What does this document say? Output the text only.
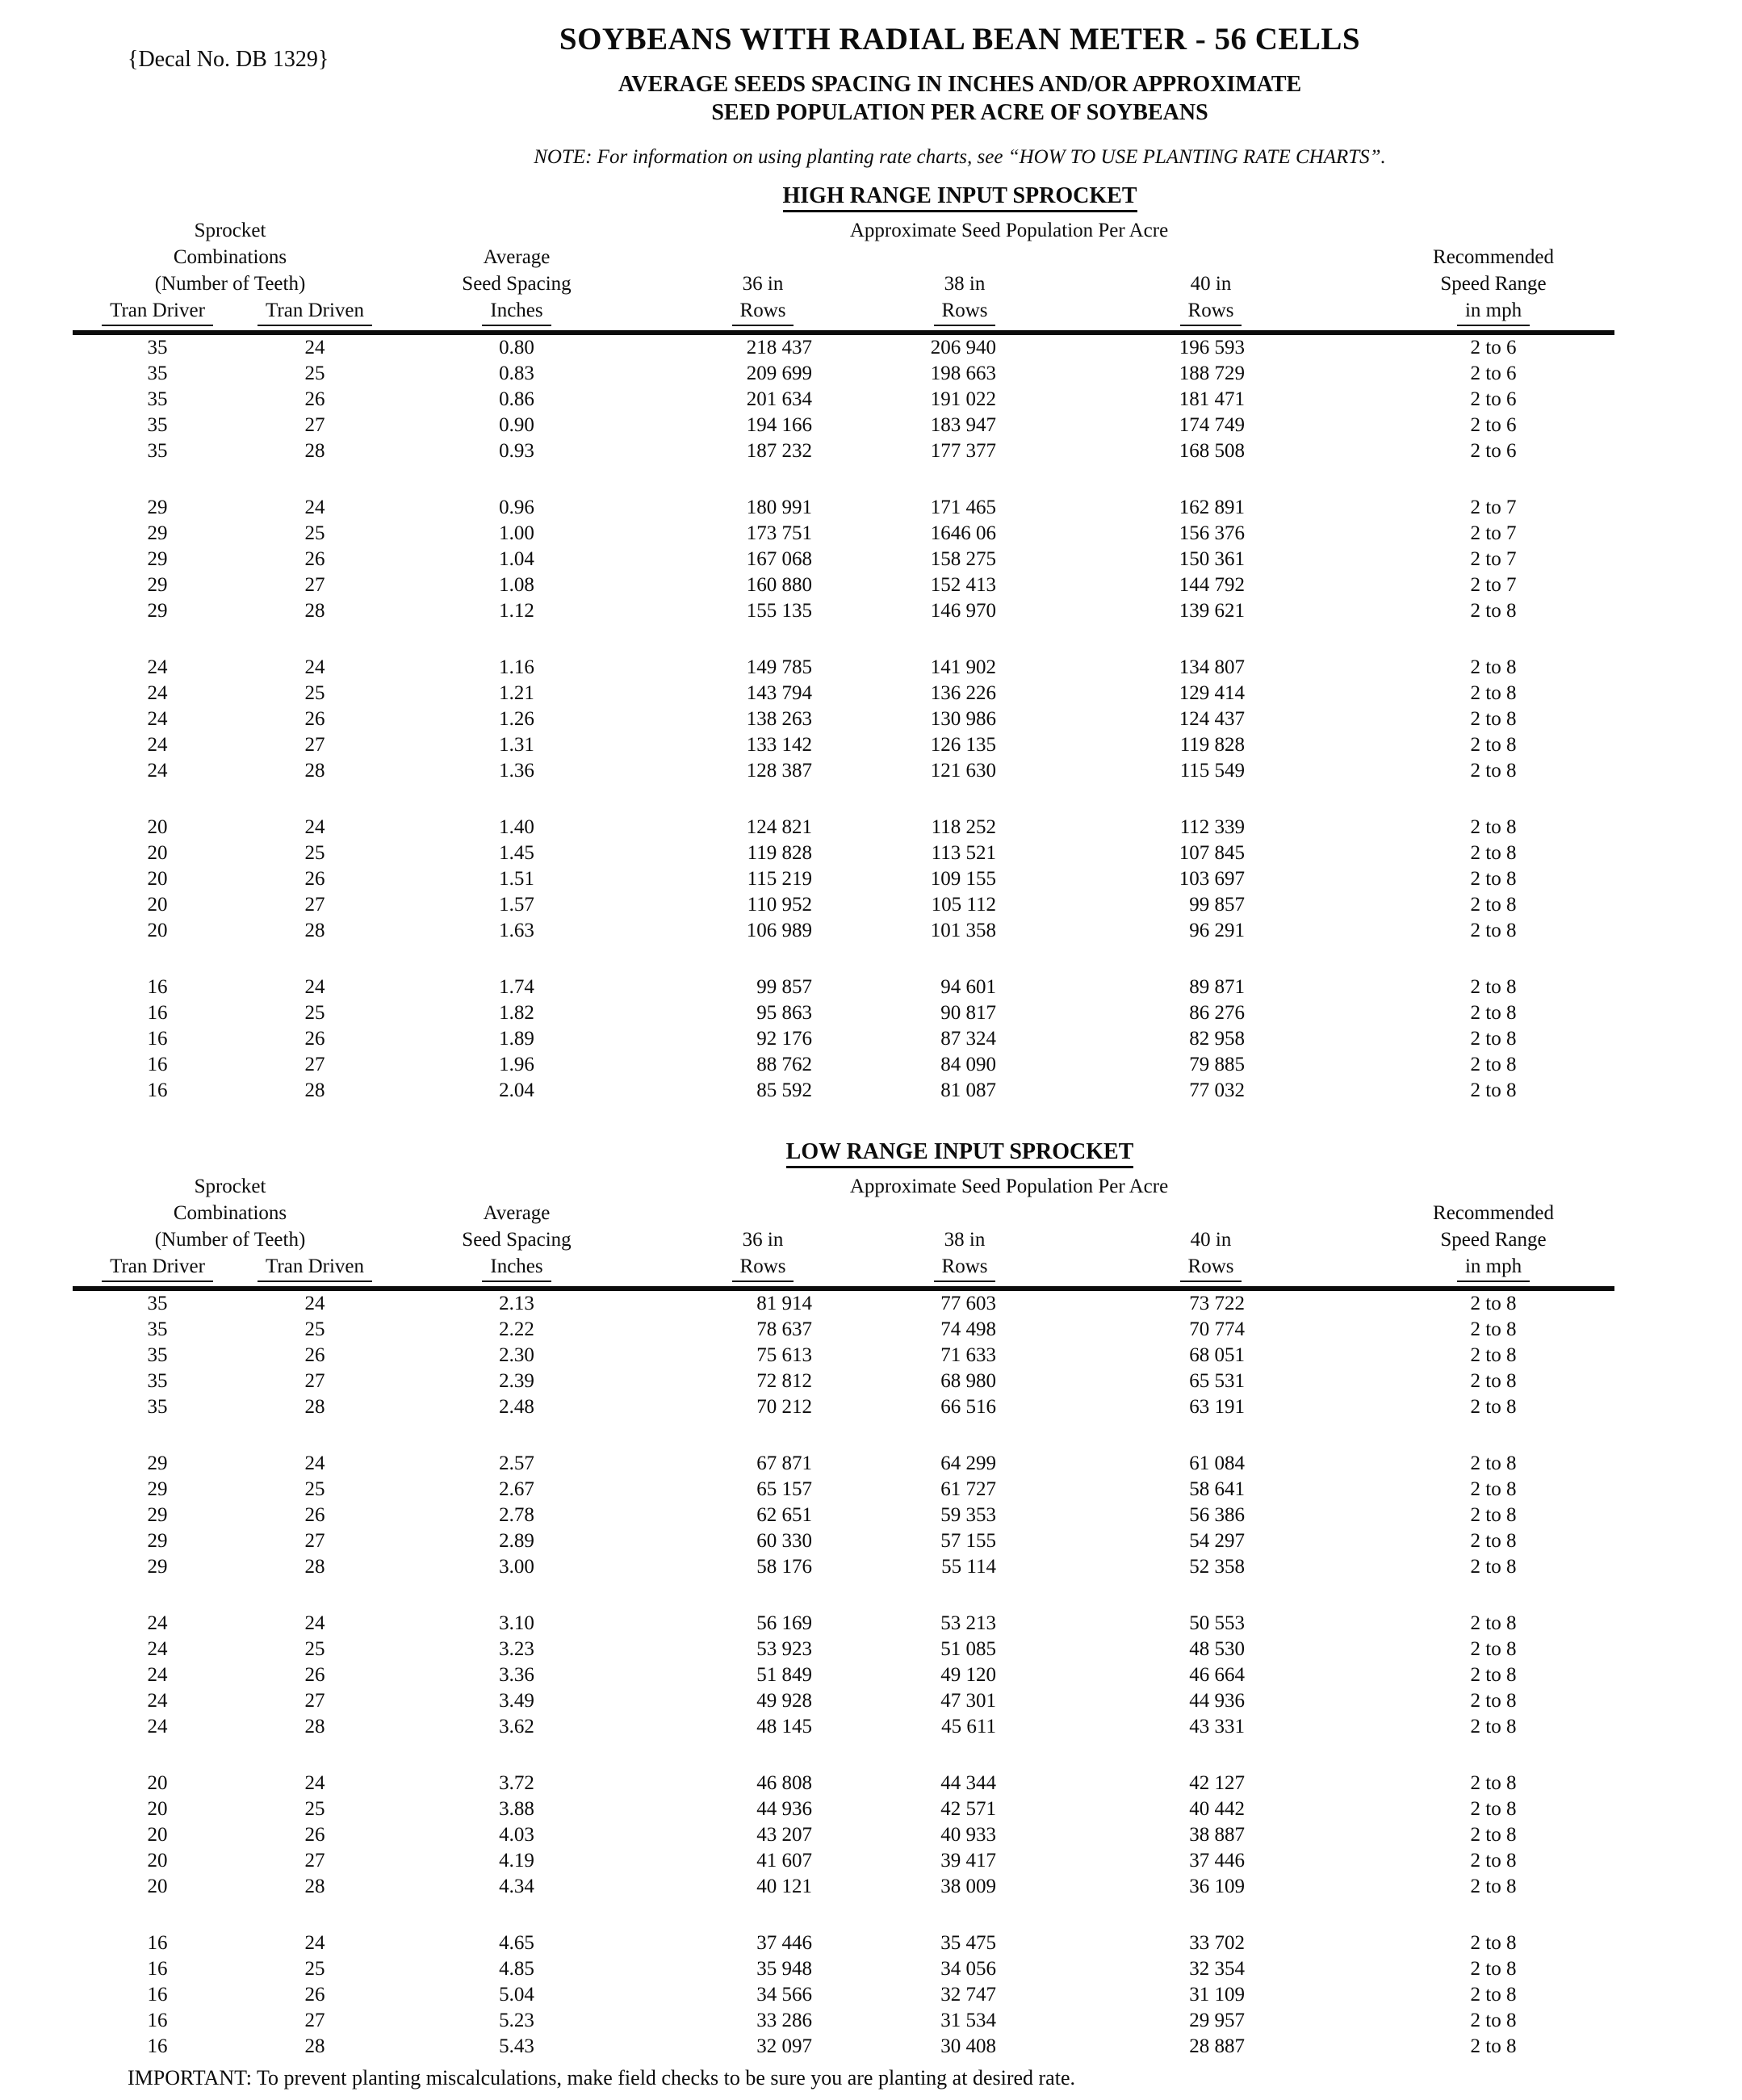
{Decal No. DB 1329}
SOYBEANS WITH RADIAL BEAN METER - 56 CELLS
AVERAGE SEEDS SPACING IN INCHES AND/OR APPROXIMATE
SEED POPULATION PER ACRE OF SOYBEANS
NOTE: For information on using planting rate charts, see “HOW TO USE PLANTING RATE CHARTS”.
HIGH RANGE INPUT SPROCKET
Sprocket			Approximate Seed Population Per Acre			
Combinations		Average				Recommended
(Number of Teeth)		Seed Spacing	36 in	38 in	40 in	Speed Range
Tran Driver	Tran Driven	Inches	Rows	Rows	Rows	in mph
35	24	0.80	218 437	206 940	196 593	2 to 6
35	25	0.83	209 699	198 663	188 729	2 to 6
35	26	0.86	201 634	191 022	181 471	2 to 6
35	27	0.90	194 166	183 947	174 749	2 to 6
35	28	0.93	187 232	177 377	168 508	2 to 6

29	24	0.96	180 991	171 465	162 891	2 to 7
29	25	1.00	173 751	1646 06	156 376	2 to 7
29	26	1.04	167 068	158 275	150 361	2 to 7
29	27	1.08	160 880	152 413	144 792	2 to 7
29	28	1.12	155 135	146 970	139 621	2 to 8

24	24	1.16	149 785	141 902	134 807	2 to 8
24	25	1.21	143 794	136 226	129 414	2 to 8
24	26	1.26	138 263	130 986	124 437	2 to 8
24	27	1.31	133 142	126 135	119 828	2 to 8
24	28	1.36	128 387	121 630	115 549	2 to 8

20	24	1.40	124 821	118 252	112 339	2 to 8
20	25	1.45	119 828	113 521	107 845	2 to 8
20	26	1.51	115 219	109 155	103 697	2 to 8
20	27	1.57	110 952	105 112	99 857	2 to 8
20	28	1.63	106 989	101 358	96 291	2 to 8

16	24	1.74	99 857	94 601	89 871	2 to 8
16	25	1.82	95 863	90 817	86 276	2 to 8
16	26	1.89	92 176	87 324	82 958	2 to 8
16	27	1.96	88 762	84 090	79 885	2 to 8
16	28	2.04	85 592	81 087	77 032	2 to 8
LOW RANGE INPUT SPROCKET
Sprocket			Approximate Seed Population Per Acre			
Combinations		Average				Recommended
(Number of Teeth)		Seed Spacing	36 in	38 in	40 in	Speed Range
Tran Driver	Tran Driven	Inches	Rows	Rows	Rows	in mph
35	24	2.13	81 914	77 603	73 722	2 to 8
35	25	2.22	78 637	74 498	70 774	2 to 8
35	26	2.30	75 613	71 633	68 051	2 to 8
35	27	2.39	72 812	68 980	65 531	2 to 8
35	28	2.48	70 212	66 516	63 191	2 to 8

29	24	2.57	67 871	64 299	61 084	2 to 8
29	25	2.67	65 157	61 727	58 641	2 to 8
29	26	2.78	62 651	59 353	56 386	2 to 8
29	27	2.89	60 330	57 155	54 297	2 to 8
29	28	3.00	58 176	55 114	52 358	2 to 8

24	24	3.10	56 169	53 213	50 553	2 to 8
24	25	3.23	53 923	51 085	48 530	2 to 8
24	26	3.36	51 849	49 120	46 664	2 to 8
24	27	3.49	49 928	47 301	44 936	2 to 8
24	28	3.62	48 145	45 611	43 331	2 to 8

20	24	3.72	46 808	44 344	42 127	2 to 8
20	25	3.88	44 936	42 571	40 442	2 to 8
20	26	4.03	43 207	40 933	38 887	2 to 8
20	27	4.19	41 607	39 417	37 446	2 to 8
20	28	4.34	40 121	38 009	36 109	2 to 8

16	24	4.65	37 446	35 475	33 702	2 to 8
16	25	4.85	35 948	34 056	32 354	2 to 8
16	26	5.04	34 566	32 747	31 109	2 to 8
16	27	5.23	33 286	31 534	29 957	2 to 8
16	28	5.43	32 097	30 408	28 887	2 to 8
IMPORTANT: To prevent planting miscalculations, make field checks to be sure you are planting at desired rate.
